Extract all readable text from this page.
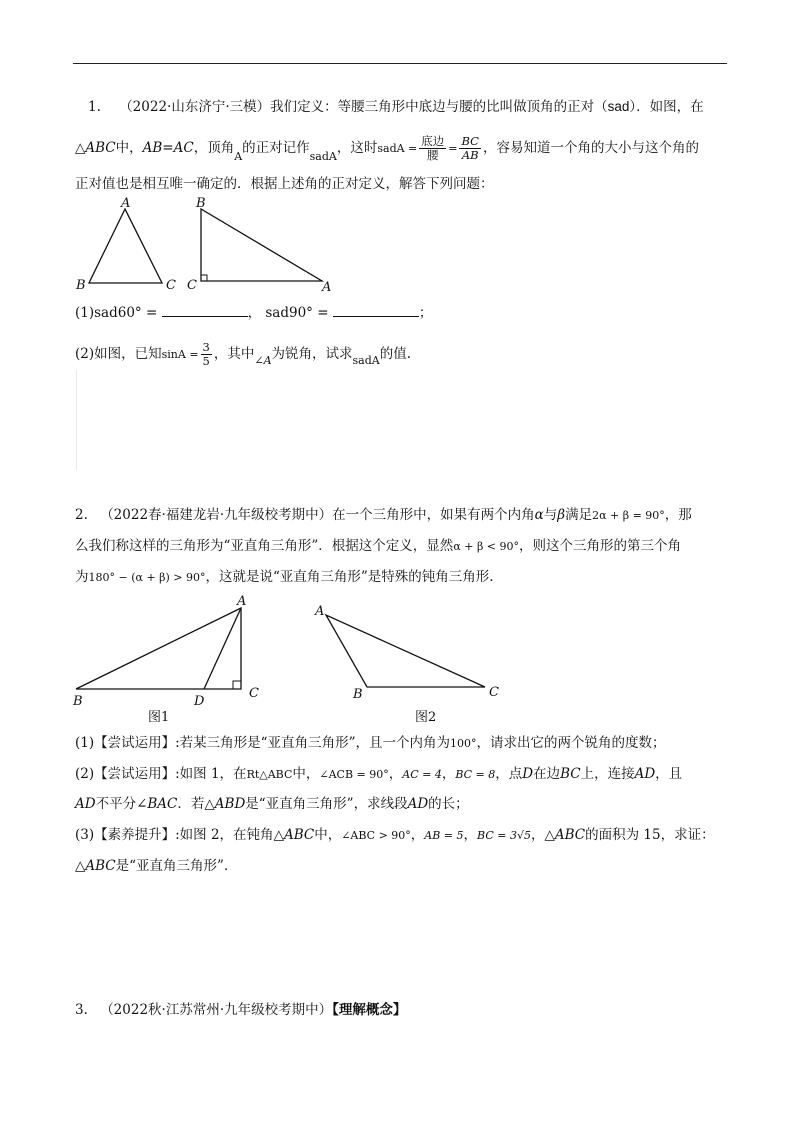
1. （2022·山东济宁·三模）我们定义：等腰三角形中底边与腰的比叫做顶角的正对（sad）．如图，在
△ABC中，AB=AC，顶角$_A$的正对记作$_{sadA}$，这时sadA = $\frac{\text{底边}}{\text{腰}} = \frac{BC}{AB}$ ，容易知道一个角的大小与这个角的
正对值也是相互唯一确定的．根据上述角的正对定义，解答下列问题：
A
B	C
B
C	A
(1)sad60° =	， sad90° =	；
(2)如图，已知$\sin A = \frac{3}{5}$ ，其中$_{\angle A}$为锐角，试求$_{sadA}$的值.
2. （2022春·福建龙岩·九年级校考期中）在一个三角形中，如果有两个内角α与β满足2α + β = 90°，那
么我们称这样的三角形为“亚直角三角形”．根据这个定义，显然α + β < 90°，则这个三角形的第三个角
为180° − (α + β) > 90°，这就是说“亚直角三角形”是特殊的钝角三角形.
A
B
C
D
图1
A
B	C
图2
(1)【尝试运用】:若某三角形是“亚直角三角形”，且一个内角为100°，请求出它的两个锐角的度数；
(2)【尝试运用】:如图 1，在Rt△ABC中，∠ACB = 90°，AC = 4，BC = 8，点D在边BC上，连接AD，且
AD不平分∠BAC．若△ABD是“亚直角三角形”，求线段AD的长；
(3)【素养提升】:如图 2，在钝角△ABC中，∠ABC > 90°，AB = 5，BC = 3√5，△ABC的面积为 15，求证：
△ABC是“亚直角三角形”．
3. （2022秋·江苏常州·九年级校考期中）【理解概念】
